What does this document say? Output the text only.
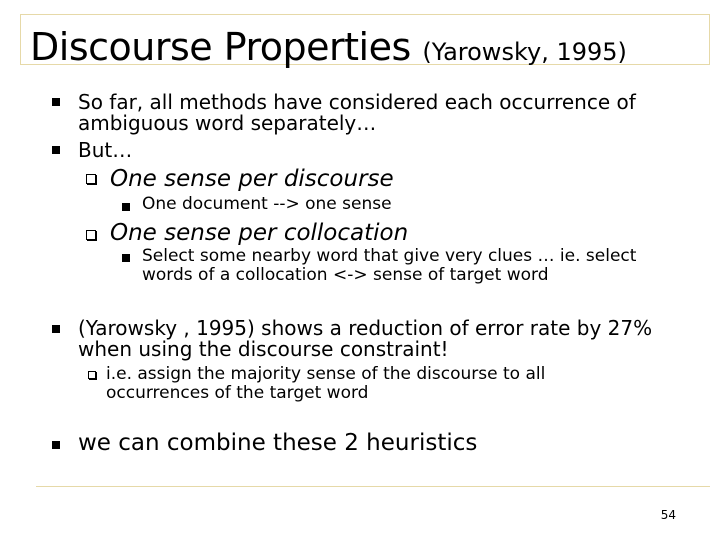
Discourse Properties (Yarowsky, 1995)
So far, all methods have considered each occurrence of
ambiguous word separately…
But…
One sense per discourse
One document --> one sense
One sense per collocation
Select some nearby word that give very clues … ie. select
words of a collocation <-> sense of target word
(Yarowsky , 1995) shows a reduction of error rate by 27%
when using the discourse constraint!
i.e. assign the majority sense of the discourse to all
occurrences of the target word
we can combine these 2 heuristics
54
